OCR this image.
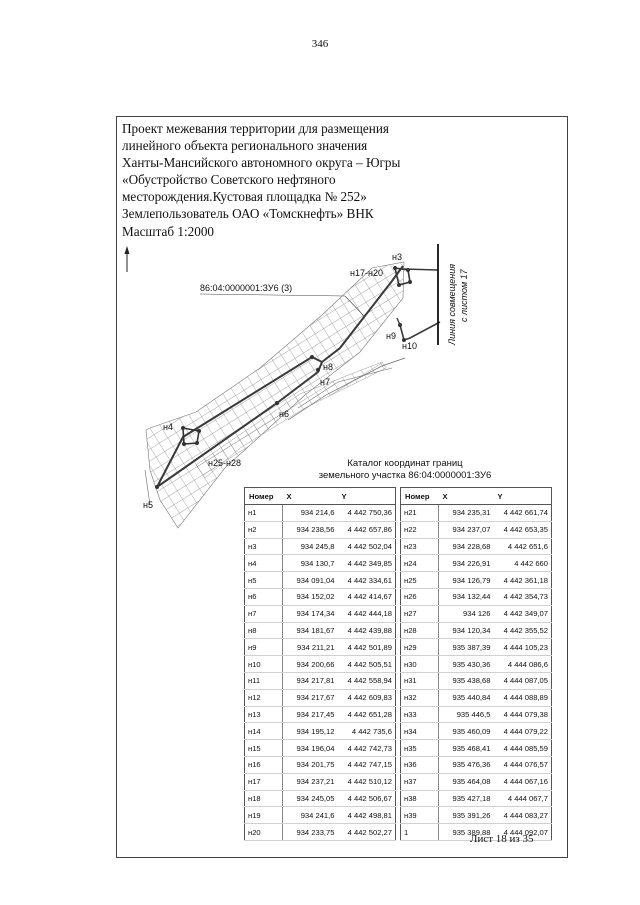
346
Проект межевания территории для размещения
линейного объекта регионального значения
Ханты-Мансийского автономного округа – Югры
«Обустройство Советского нефтяного
месторождения.Кустовая площадка № 252»
Землепользователь ОАО «Томскнефть» ВНК
Масштаб 1:2000
Линия совмещения с листом 17
86:04:0000001:ЗУ6 (3)
н3
н17-н20
н9
н10
н8
н7
н6
н4
н25-н28
н5
Каталог координат границ
земельного участка 86:04:0000001:ЗУ6
Номер	X	Y
н1	934 214,6	4 442 750,36
н2	934 238,56	4 442 657,86
н3	934 245,8	4 442 502,04
н4	934 130,7	4 442 349,85
н5	934 091,04	4 442 334,61
н6	934 152,02	4 442 414,67
н7	934 174,34	4 442 444,18
н8	934 181,67	4 442 439,88
н9	934 211,21	4 442 501,89
н10	934 200,66	4 442 505,51
н11	934 217,81	4 442 558,94
н12	934 217,67	4 442 609,83
н13	934 217,45	4 442 651,28
н14	934 195,12	4 442 735,6
н15	934 196,04	4 442 742,73
н16	934 201,75	4 442 747,15
н17	934 237,21	4 442 510,12
н18	934 245,05	4 442 506,67
н19	934 241,6	4 442 498,81
н20	934 233,75	4 442 502,27
Номер	X	Y
н21	934 235,31	4 442 661,74
н22	934 237,07	4 442 653,35
н23	934 228,68	4 442 651,6
н24	934 226,91	4 442 660
н25	934 126,79	4 442 361,18
н26	934 132,44	4 442 354,73
н27	934 126	4 442 349,07
н28	934 120,34	4 442 355,52
н29	935 387,39	4 444 105,23
н30	935 430,36	4 444 086,6
н31	935 438,68	4 444 087,05
н32	935 440,84	4 444 088,89
н33	935 446,5	4 444 079,38
н34	935 460,09	4 444 079,22
н35	935 468,41	4 444 085,59
н36	935 476,36	4 444 076,57
н37	935 464,08	4 444 067,16
н38	935 427,18	4 444 067,7
н39	935 391,26	4 444 083,27
1	935 389,88	4 444 092,07
Лист 18 из 35
